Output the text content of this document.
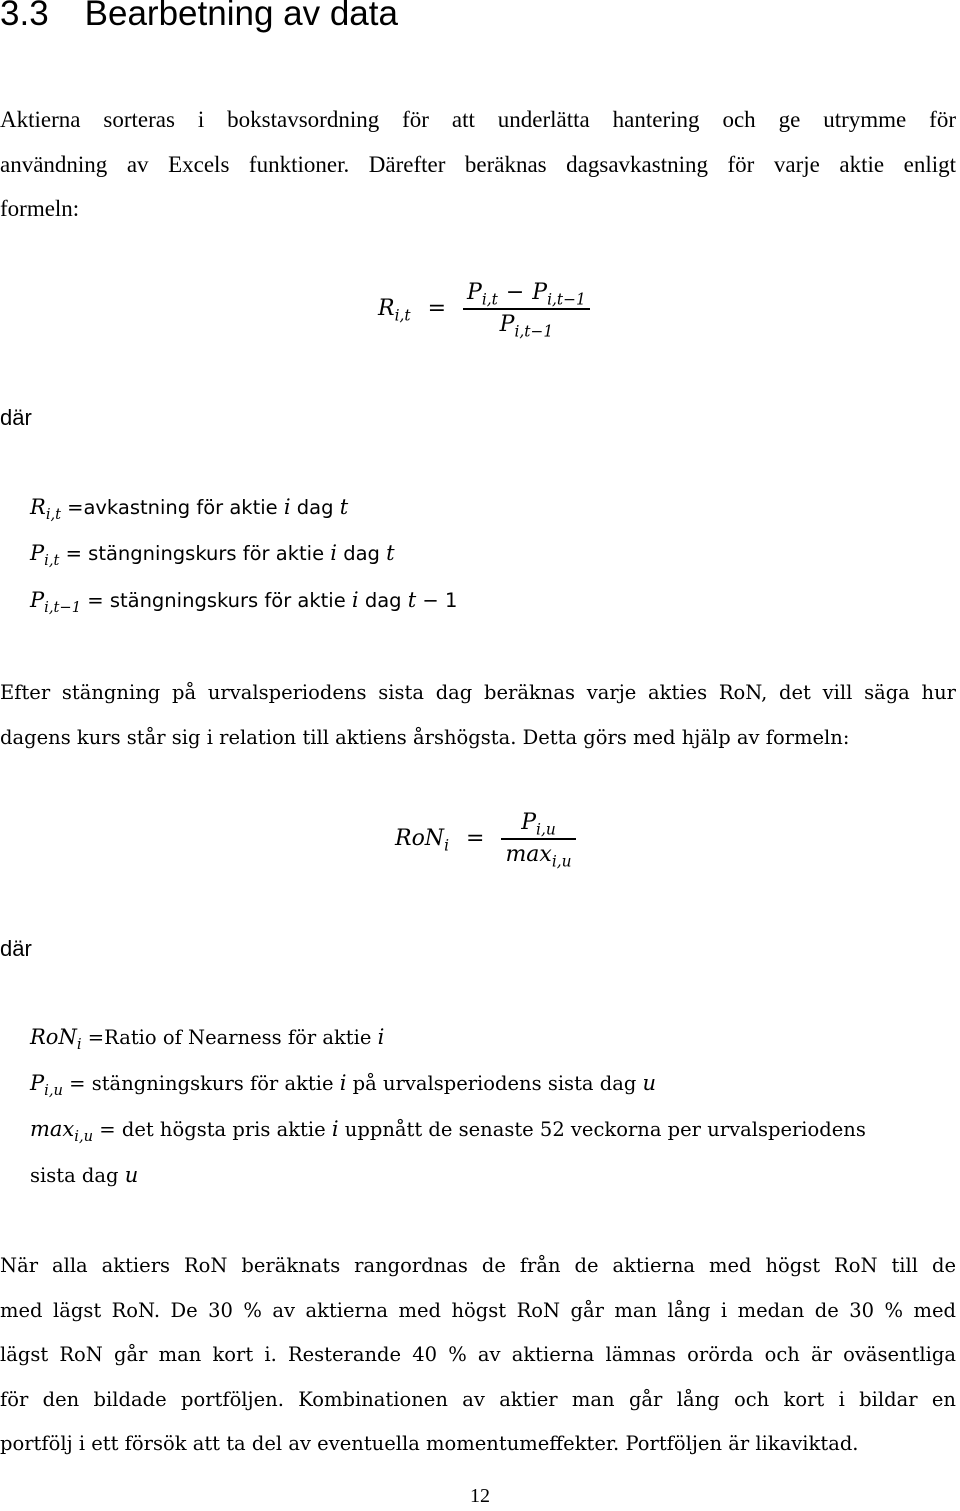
3.3 Bearbetning av data
Aktierna sorteras i bokstavsordning för att underlätta hantering och ge utrymme för
användning av Excels funktioner. Därefter beräknas dagsavkastning för varje aktie enligt
formeln:
$R_{i,t} = \frac{P_{i,t} - P_{i,t-1}}{P_{i,t-1}}$
där
$R_{i,t}$ =avkastning för aktie i dag t
$P_{i,t}$ = stängningskurs för aktie i dag t
$P_{i,t-1}$ = stängningskurs för aktie i dag t − 1
Efter stängning på urvalsperiodens sista dag beräknas varje akties RoN, det vill säga hur
dagens kurs står sig i relation till aktiens årshögsta. Detta görs med hjälp av formeln:
$RoN_i = \frac{P_{i,u}}{\max_{i,u}}$
där
RoN$_i$ =Ratio of Nearness för aktie i
$P_{i,u}$ = stängningskurs för aktie i på urvalsperiodens sista dag u
$\max_{i,u} = \det$ högsta pris aktie i uppnått de senaste 52 veckorna per urvalsperiodens
sista dag u
När alla aktiers RoN beräknats rangordnas de från de aktierna med högst RoN till de
med lägst RoN. De 30 % av aktierna med högst RoN går man lång i medan de 30 % med
lägst RoN går man kort i. Resterande 40 % av aktierna lämnas orörda och är oväsentliga
för den bildade portföljen. Kombinationen av aktier man går lång och kort i bildar en
portfölj i ett försök att ta del av eventuella momentumeffekter. Portföljen är likaviktad.
12
